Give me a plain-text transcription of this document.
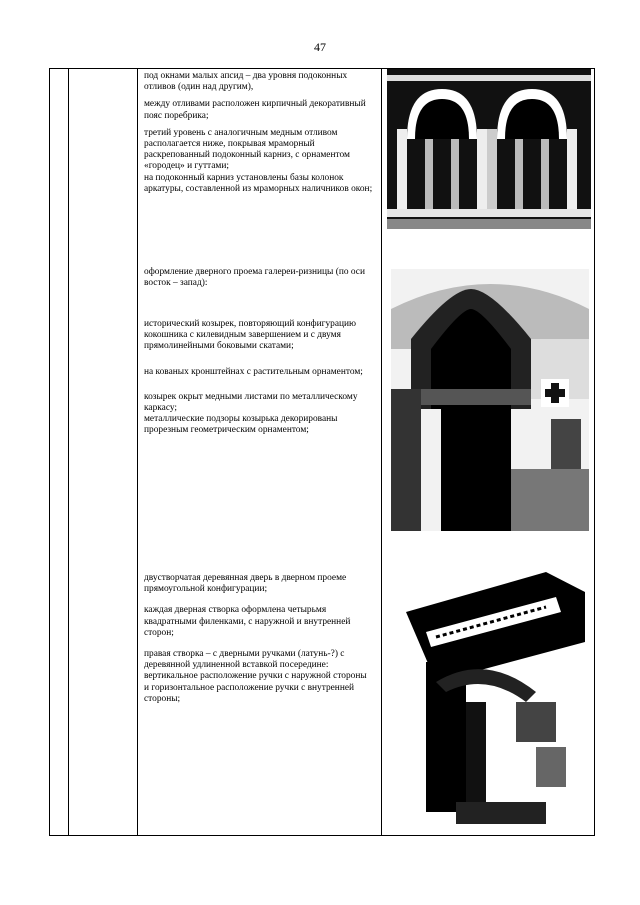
47

под окнами малых апсид – два уровня подоконных отливов (один над другим),

между отливами расположен кирпичный декоративный пояс поребрика;

третий уровень с аналогичным медным отливом располагается ниже, покрывая мраморный раскрепованный подоконный карниз, с орнаментом «городец» и гуттами;
на подоконный карниз установлены базы колонок аркатуры, составленной из мраморных наличников окон;

оформление дверного проема галереи-ризницы (по оси восток – запад):

исторический козырек, повторяющий конфигурацию кокошника с килевидным завершением и с двумя прямолинейными боковыми скатами;

на кованых кронштейнах с растительным орнаментом;

козырек окрыт медными листами по металлическому каркасу;
металлические подзоры козырька декорированы прорезным геометрическим орнаментом;

двустворчатая деревянная дверь в дверном проеме прямоугольной конфигурации;

каждая дверная створка оформлена четырьмя квадратными филенками, с наружной и внутренней сторон;

правая створка – с дверными ручками (латунь-?) с деревянной удлиненной вставкой посередине: вертикальное расположение ручки с наружной стороны и горизонтальное расположение ручки с внутренней стороны;
